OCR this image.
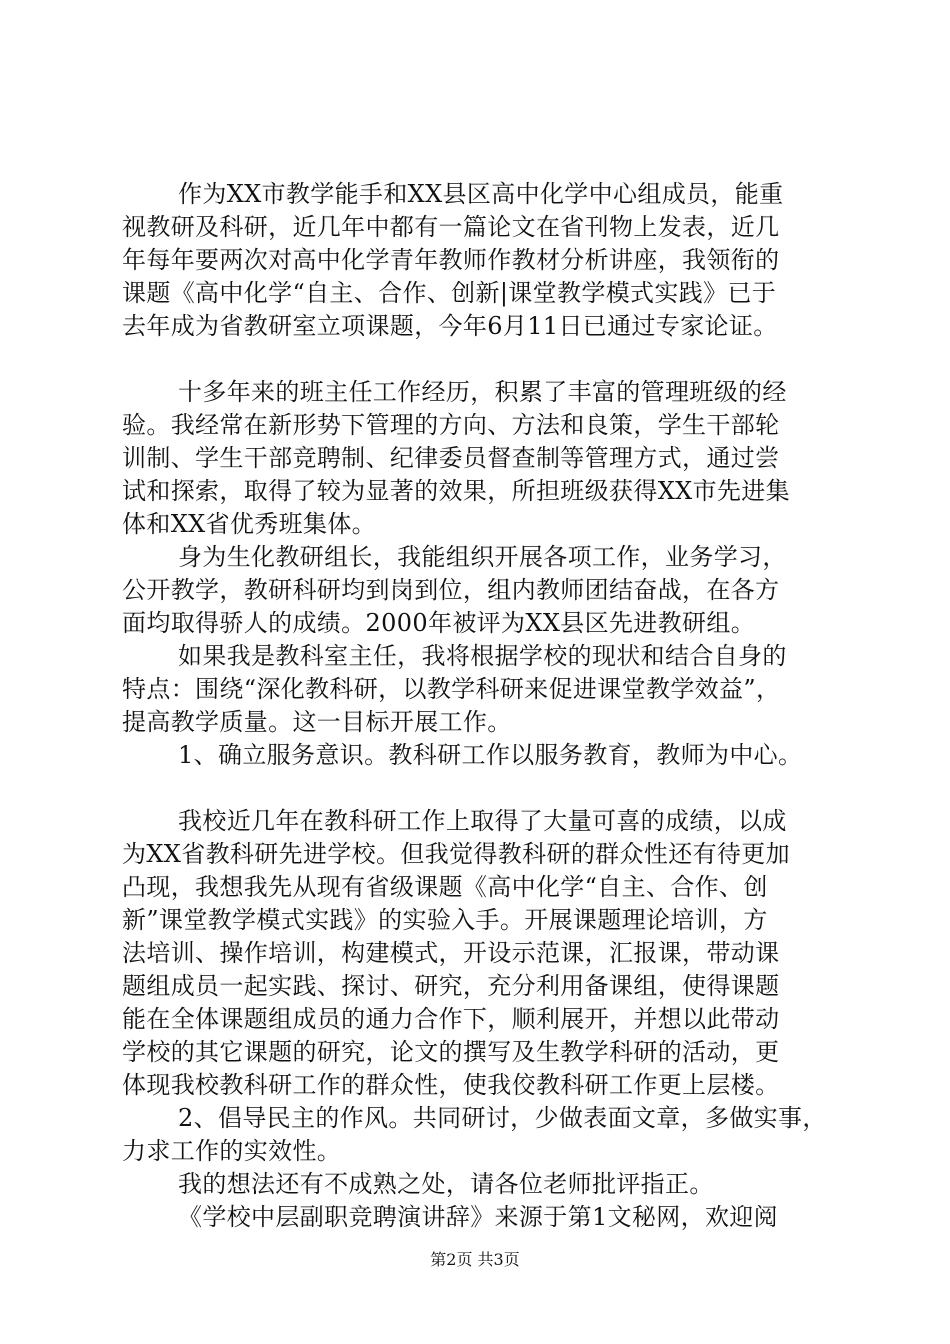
作为XX市教学能手和XX县区高中化学中心组成员，能重

视教研及科研，近几年中都有一篇论文在省刊物上发表，近几

年每年要两次对高中化学青年教师作教材分析讲座，我领衔的

课题《高中化学“自主、合作、创新|课堂教学模式实践》已于

去年成为省教研室立项课题，今年6月11日已通过专家论证。

十多年来的班主任工作经历，积累了丰富的管理班级的经

验。我经常在新形势下管理的方向、方法和良策，学生干部轮

训制、学生干部竞聘制、纪律委员督查制等管理方式，通过尝

试和探索，取得了较为显著的效果，所担班级获得XX市先进集

体和XX省优秀班集体。

身为生化教研组长，我能组织开展各项工作，业务学习，

公开教学，教研科研均到岗到位，组内教师团结奋战，在各方

面均取得骄人的成绩。2000年被评为XX县区先进教研组。

如果我是教科室主任，我将根据学校的现状和结合自身的

特点：围绕“深化教科研，以教学科研来促进课堂教学效益”，

提高教学质量。这一目标开展工作。

1、确立服务意识。教科研工作以服务教育，教师为中心。

我校近几年在教科研工作上取得了大量可喜的成绩，以成

为XX省教科研先进学校。但我觉得教科研的群众性还有待更加

凸现，我想我先从现有省级课题《高中化学“自主、合作、创

新”课堂教学模式实践》的实验入手。开展课题理论培训，方

法培训、操作培训，构建模式，开设示范课，汇报课，带动课

题组成员一起实践、探讨、研究，充分利用备课组，使得课题

能在全体课题组成员的通力合作下，顺利展开，并想以此带动

学校的其它课题的研究，论文的撰写及生教学科研的活动，更

体现我校教科研工作的群众性，使我佼教科研工作更上层楼。

2、倡导民主的作风。共同研讨，少做表面文章，多做实事，

力求工作的实效性。

我的想法还有不成熟之处，请各位老师批评指正。

《学校中层副职竞聘演讲辞》来源于第1文秘网，欢迎阅

第2页 共3页
